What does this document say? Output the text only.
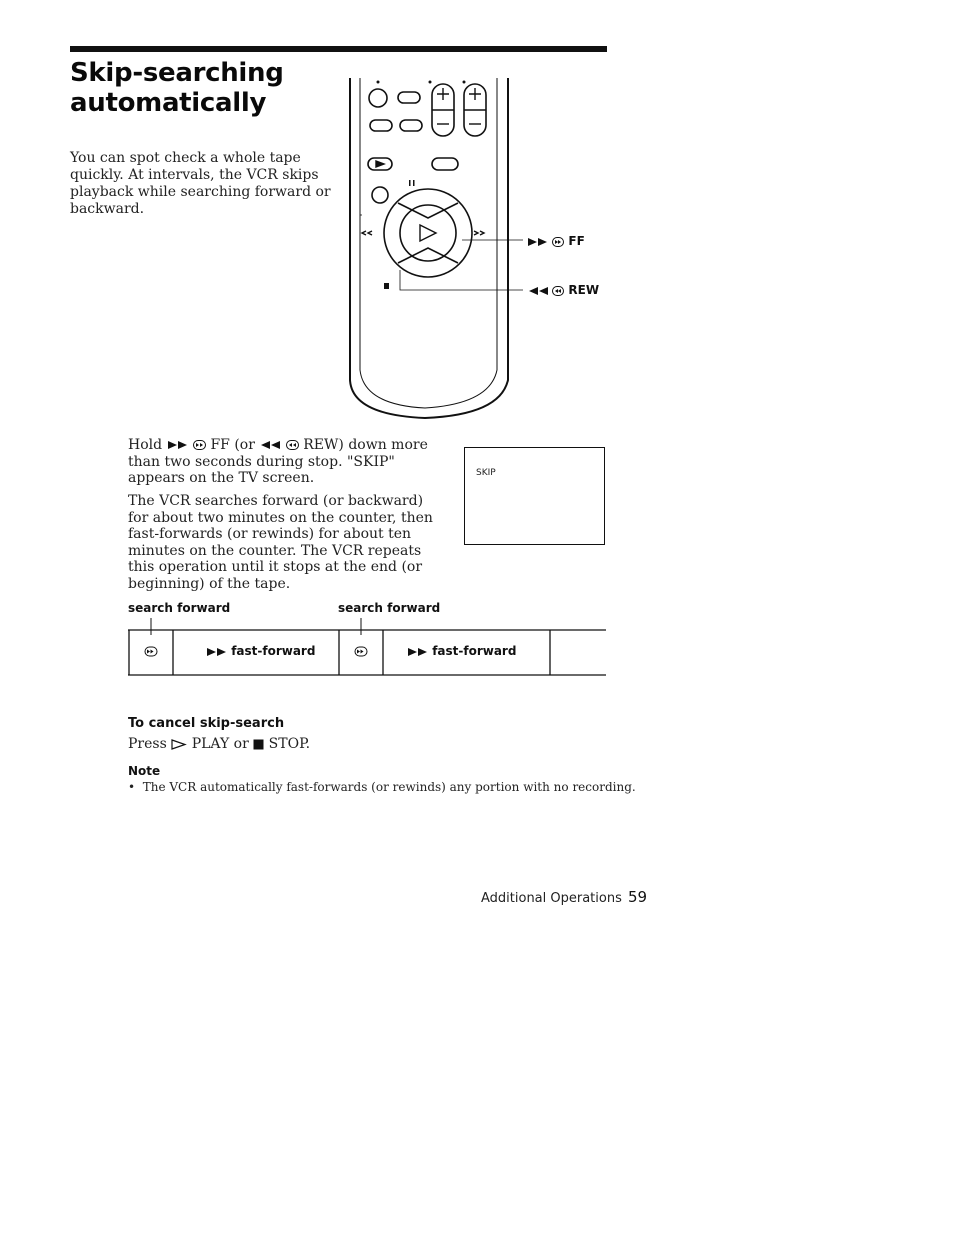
Skip-searching automatically
You can spot check a whole tape quickly. At intervals, the VCR skips playback while searching forward or backward.
FF
REW
Hold	FF (or	REW) down more than two seconds during stop. "SKIP" appears on the TV screen.
The VCR searches forward (or backward) for about two minutes on the counter, then fast-forwards (or rewinds) for about ten minutes on the counter. The VCR repeats this operation until it stops at the end (or beginning) of the tape.
SKIP
search forward	search forward
fast-forward	fast-forward
To cancel skip-search
Press PLAY or STOP.
Note
•  The VCR automatically fast-forwards (or rewinds) any portion with no recording.
Additional Operations 59
